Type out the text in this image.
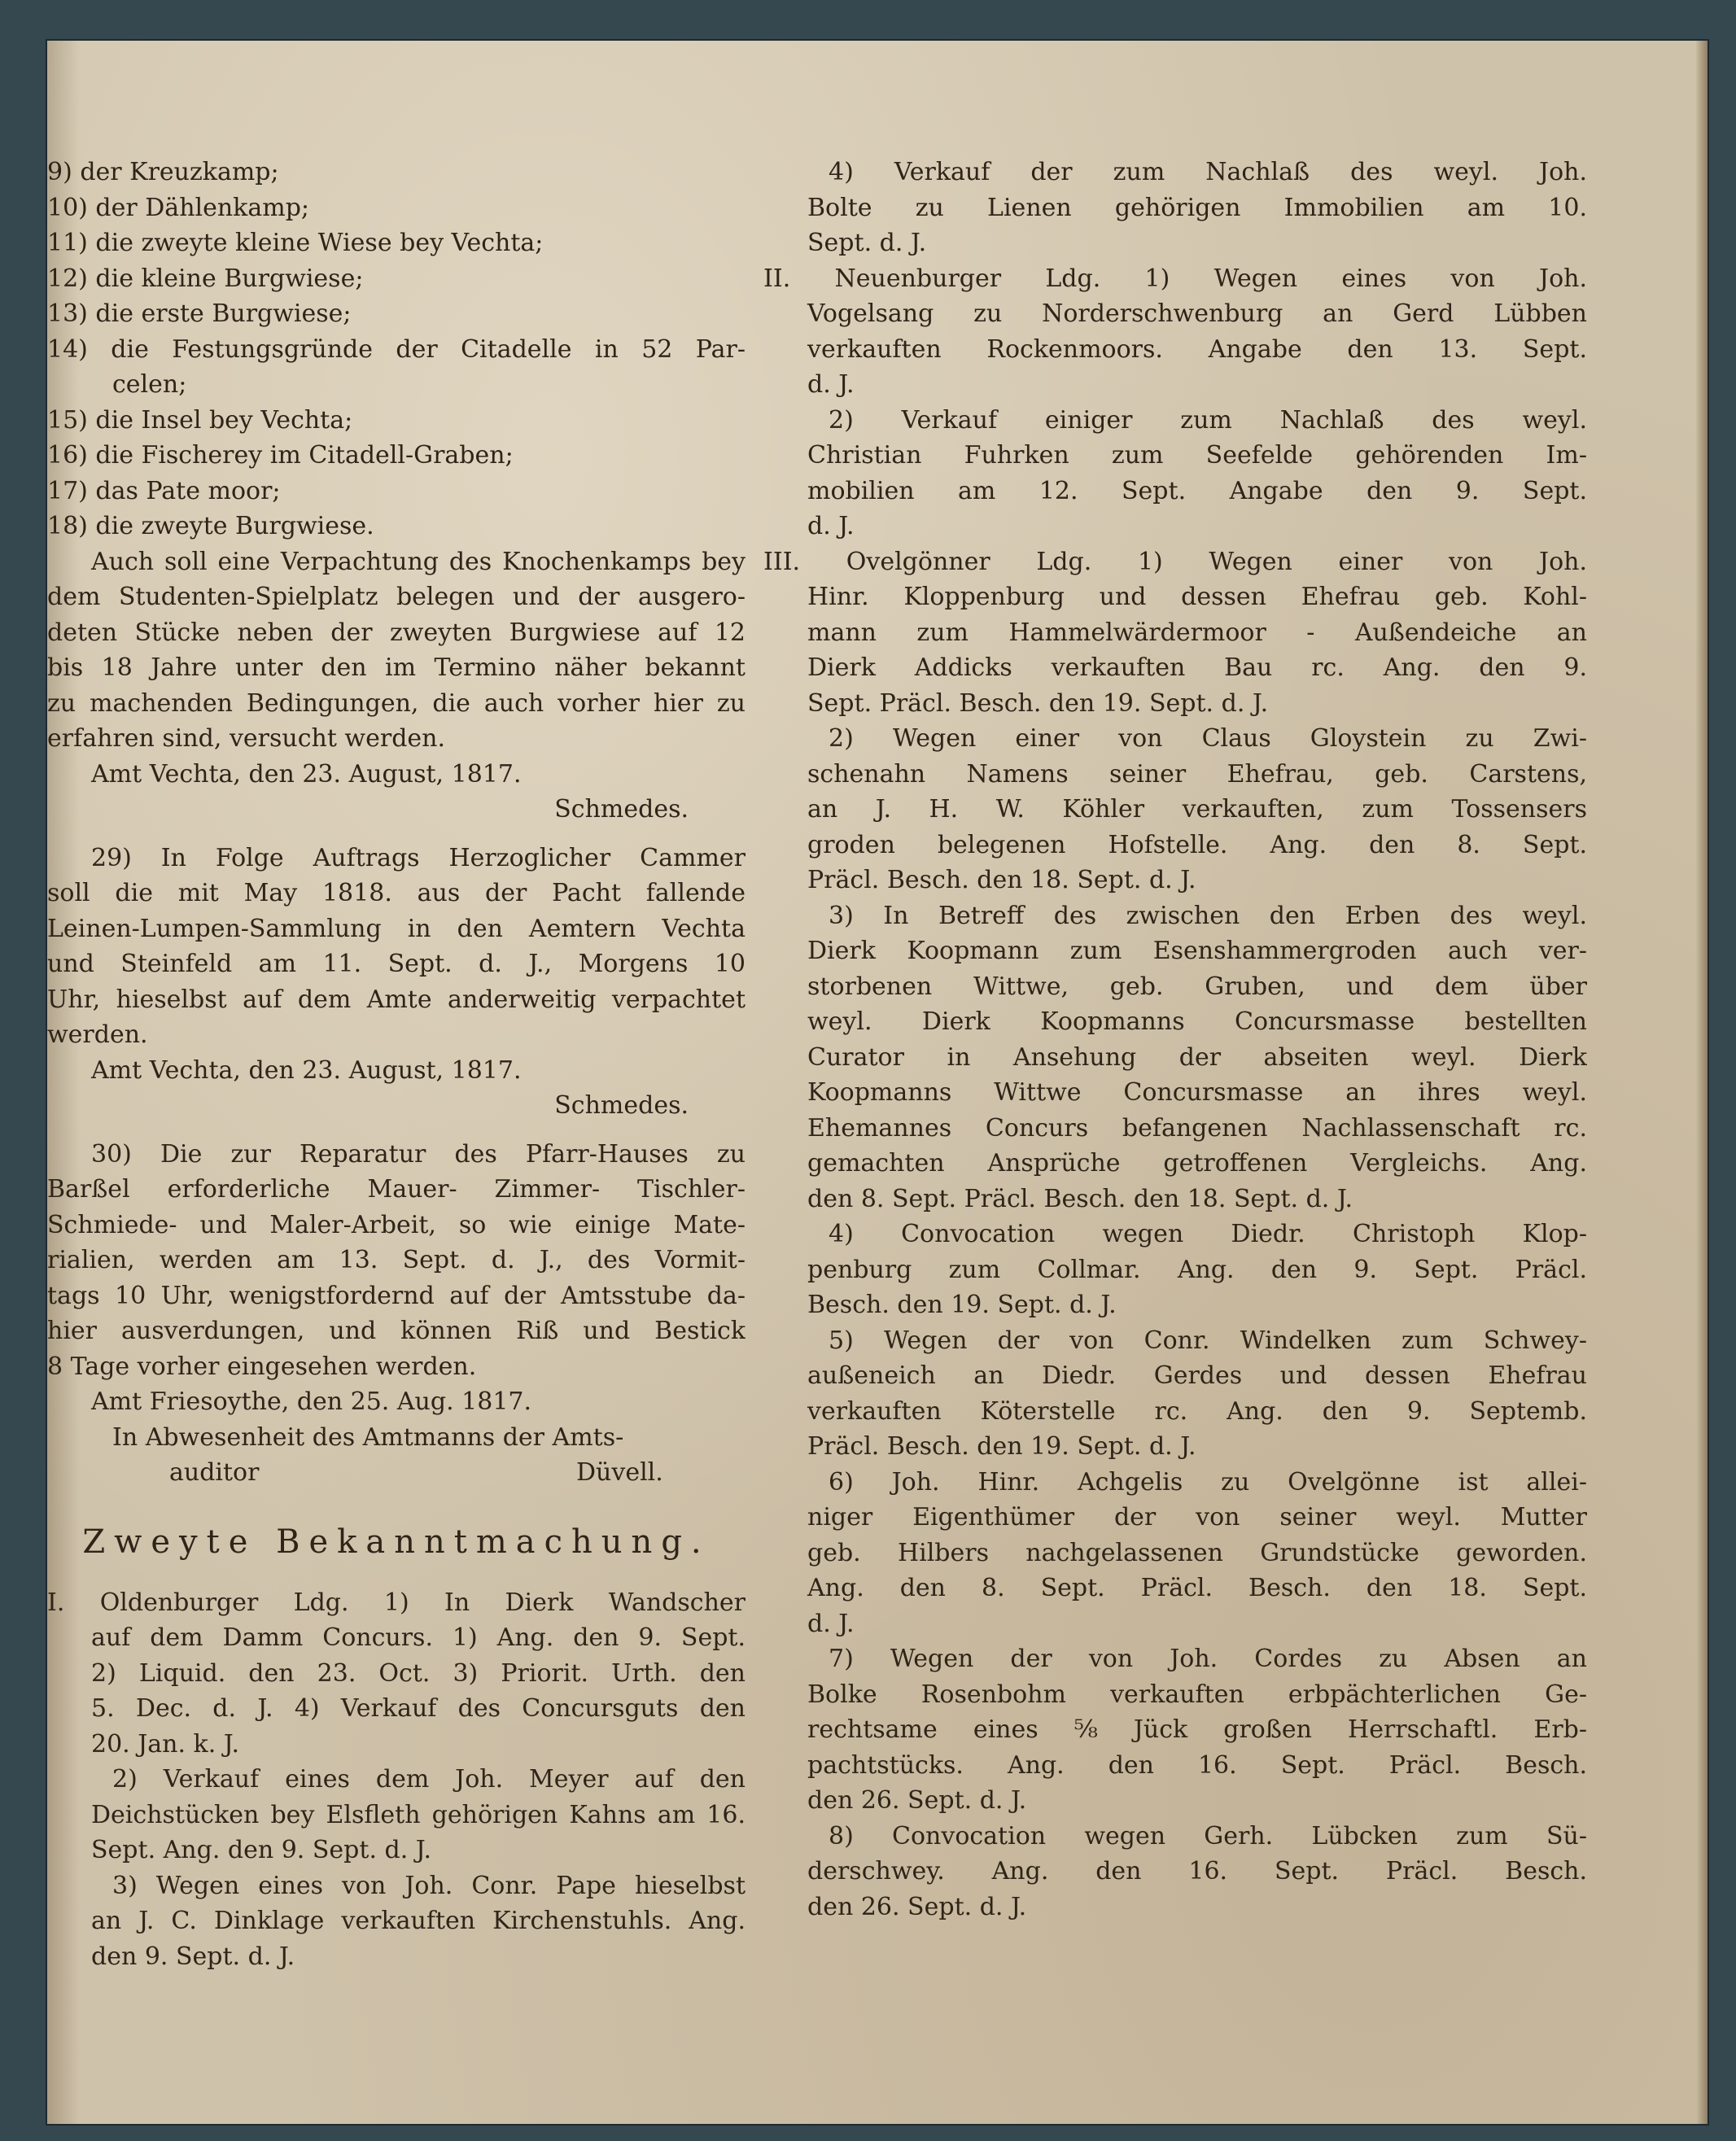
9) der Kreuzkamp;
10) der Dählenkamp;
11) die zweyte kleine Wiese bey Vechta;
12) die kleine Burgwiese;
13) die erste Burgwiese;
14) die Festungsgründe der Citadelle in 52 Par-
celen;
15) die Insel bey Vechta;
16) die Fischerey im Citadell-Graben;
17) das Pate moor;
18) die zweyte Burgwiese.
Auch soll eine Verpachtung des Knochenkamps bey
dem Studenten-Spielplatz belegen und der ausgero-
deten Stücke neben der zweyten Burgwiese auf 12
bis 18 Jahre unter den im Termino näher bekannt
zu machenden Bedingungen, die auch vorher hier zu
erfahren sind, versucht werden.
Amt Vechta, den 23. August, 1817.
Schmedes.
29) In Folge Auftrags Herzoglicher Cammer
soll die mit May 1818. aus der Pacht fallende
Leinen-Lumpen-Sammlung in den Aemtern Vechta
und Steinfeld am 11. Sept. d. J., Morgens 10
Uhr, hieselbst auf dem Amte anderweitig verpachtet
werden.
Amt Vechta, den 23. August, 1817.
Schmedes.
30) Die zur Reparatur des Pfarr-Hauses zu
Barßel erforderliche Mauer- Zimmer- Tischler-
Schmiede- und Maler-Arbeit, so wie einige Mate-
rialien, werden am 13. Sept. d. J., des Vormit-
tags 10 Uhr, wenigstfordernd auf der Amtsstube da-
hier ausverdungen, und können Riß und Bestick
8 Tage vorher eingesehen werden.
Amt Friesoythe, den 25. Aug. 1817.
In Abwesenheit des Amtmanns der Amts-
auditor	Düvell.
Zweyte Bekanntmachung.
I. Oldenburger Ldg. 1) In Dierk Wandscher
auf dem Damm Concurs. 1) Ang. den 9. Sept.
2) Liquid. den 23. Oct. 3) Priorit. Urth. den
5. Dec. d. J. 4) Verkauf des Concursguts den
20. Jan. k. J.
2) Verkauf eines dem Joh. Meyer auf den
Deichstücken bey Elsfleth gehörigen Kahns am 16.
Sept. Ang. den 9. Sept. d. J.
3) Wegen eines von Joh. Conr. Pape hieselbst
an J. C. Dinklage verkauften Kirchenstuhls. Ang.
den 9. Sept. d. J.
4) Verkauf der zum Nachlaß des weyl. Joh.
Bolte zu Lienen gehörigen Immobilien am 10.
Sept. d. J.
II. Neuenburger Ldg. 1) Wegen eines von Joh.
Vogelsang zu Norderschwenburg an Gerd Lübben
verkauften Rockenmoors. Angabe den 13. Sept.
d. J.
2) Verkauf einiger zum Nachlaß des weyl.
Christian Fuhrken zum Seefelde gehörenden Im-
mobilien am 12. Sept. Angabe den 9. Sept.
d. J.
III. Ovelgönner Ldg. 1) Wegen einer von Joh.
Hinr. Kloppenburg und dessen Ehefrau geb. Kohl-
mann zum Hammelwärdermoor - Außendeiche an
Dierk Addicks verkauften Bau rc. Ang. den 9.
Sept. Präcl. Besch. den 19. Sept. d. J.
2) Wegen einer von Claus Gloystein zu Zwi-
schenahn Namens seiner Ehefrau, geb. Carstens,
an J. H. W. Köhler verkauften, zum Tossensers
groden belegenen Hofstelle. Ang. den 8. Sept.
Präcl. Besch. den 18. Sept. d. J.
3) In Betreff des zwischen den Erben des weyl.
Dierk Koopmann zum Esenshammergroden auch ver-
storbenen Wittwe, geb. Gruben, und dem über
weyl. Dierk Koopmanns Concursmasse bestellten
Curator in Ansehung der abseiten weyl. Dierk
Koopmanns Wittwe Concursmasse an ihres weyl.
Ehemannes Concurs befangenen Nachlassenschaft rc.
gemachten Ansprüche getroffenen Vergleichs. Ang.
den 8. Sept. Präcl. Besch. den 18. Sept. d. J.
4) Convocation wegen Diedr. Christoph Klop-
penburg zum Collmar. Ang. den 9. Sept. Präcl.
Besch. den 19. Sept. d. J.
5) Wegen der von Conr. Windelken zum Schwey-
außeneich an Diedr. Gerdes und dessen Ehefrau
verkauften Köterstelle rc. Ang. den 9. Septemb.
Präcl. Besch. den 19. Sept. d. J.
6) Joh. Hinr. Achgelis zu Ovelgönne ist allei-
niger Eigenthümer der von seiner weyl. Mutter
geb. Hilbers nachgelassenen Grundstücke geworden.
Ang. den 8. Sept. Präcl. Besch. den 18. Sept.
d. J.
7) Wegen der von Joh. Cordes zu Absen an
Bolke Rosenbohm verkauften erbpächterlichen Ge-
rechtsame eines ⅝ Jück großen Herrschaftl. Erb-
pachtstücks. Ang. den 16. Sept. Präcl. Besch.
den 26. Sept. d. J.
8) Convocation wegen Gerh. Lübcken zum Sü-
derschwey. Ang. den 16. Sept. Präcl. Besch.
den 26. Sept. d. J.
